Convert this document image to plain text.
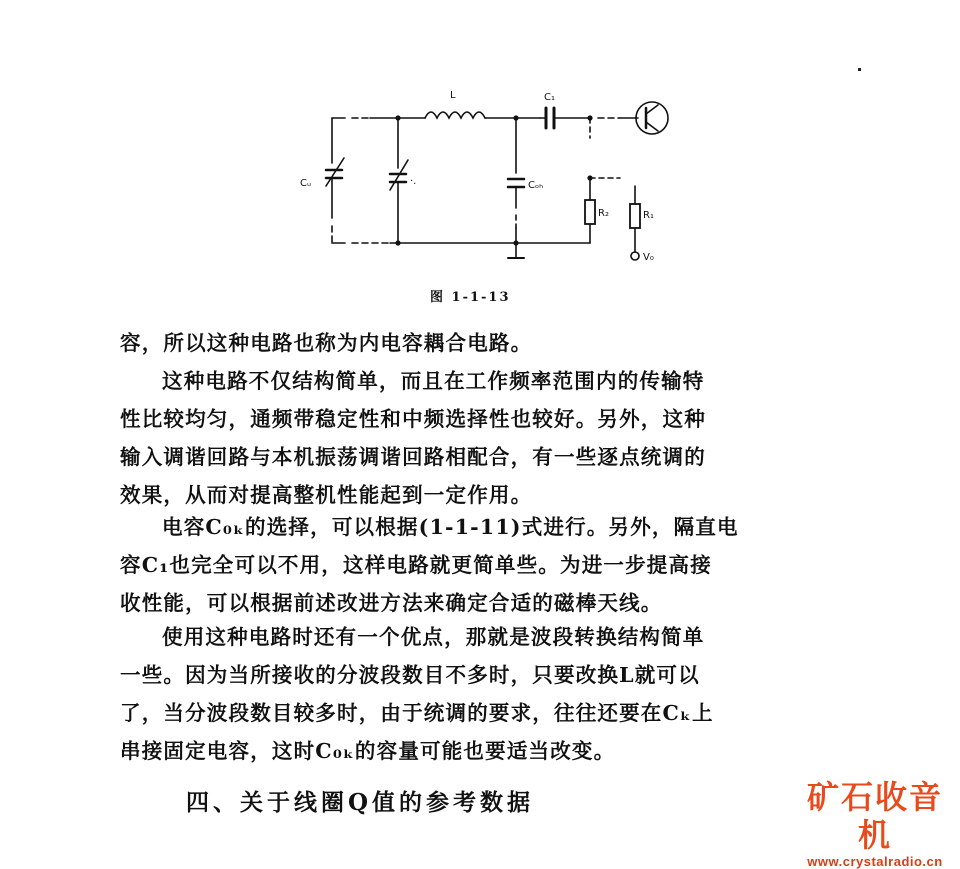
L	C₁
Cᵤ	·.	Cₒₕ
R₂	R₁
V₀
图 1-1-13

容，所以这种电路也称为内电容耦合电路。

这种电路不仅结构简单，而且在工作频率范围内的传输特
性比较均匀，通频带稳定性和中频选择性也较好。另外，这种
输入调谐回路与本机振荡调谐回路相配合，有一些逐点统调的
效果，从而对提高整机性能起到一定作用。

电容C₀ₖ的选择，可以根据(1-1-11)式进行。另外，隔直电
容C₁也完全可以不用，这样电路就更简单些。为进一步提高接
收性能，可以根据前述改进方法来确定合适的磁棒天线。

使用这种电路时还有一个优点，那就是波段转换结构简单
一些。因为当所接收的分波段数目不多时，只要改换L就可以
了，当分波段数目较多时，由于统调的要求，往往还要在Cₖ上
串接固定电容，这时C₀ₖ的容量可能也要适当改变。

四、关于线圈Q值的参考数据	矿石收音机
www.crystalradio.cn
